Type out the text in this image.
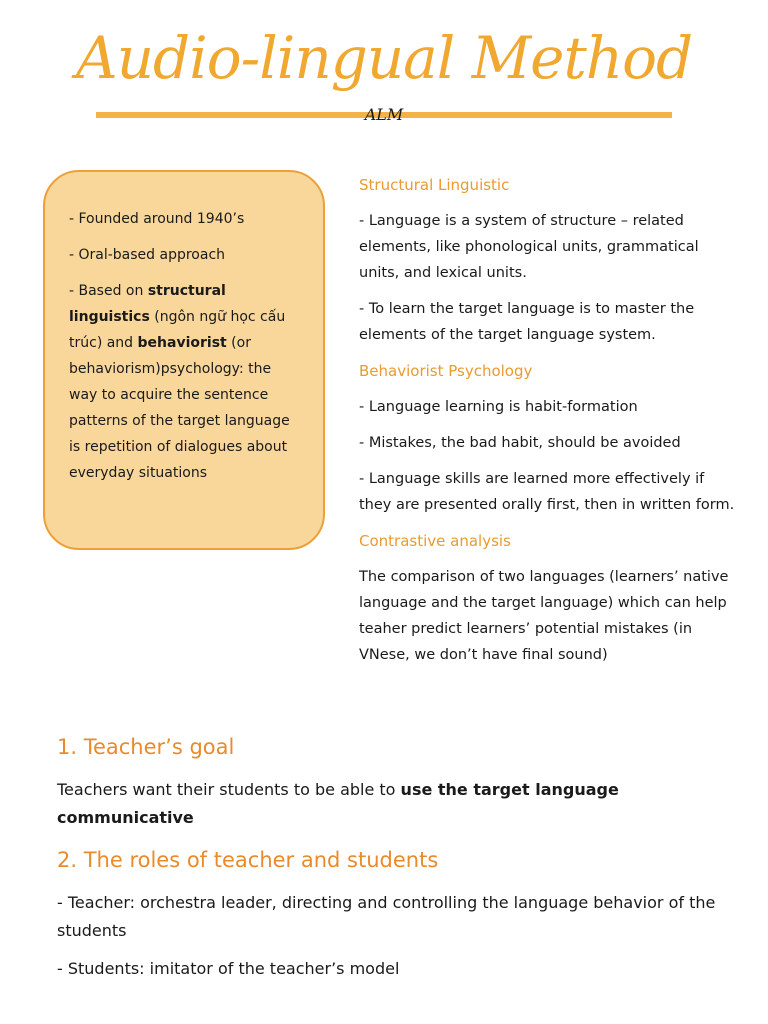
Audio-lingual Method
ALM

- Founded around 1940’s

- Oral-based approach

- Based on structural linguistics (ngôn ngữ học cấu trúc) and behaviorist (or behaviorism)psychology: the way to acquire the sentence patterns of the target language is repetition of dialogues about everyday situations

Structural Linguistic

- Language is a system of structure – related elements, like phonological units, grammatical units, and lexical units.

- To learn the target language is to master the elements of the target language system.

Behaviorist Psychology

- Language learning is habit-formation

- Mistakes, the bad habit, should be avoided

- Language skills are learned more effectively if they are presented orally first, then in written form.

Contrastive analysis

The comparison of two languages (learners’ native language and the target language) which can help teaher predict learners’ potential mistakes (in VNese, we don’t have final sound)

1. Teacher’s goal

Teachers want their students to be able to use the target language communicative

2. The roles of teacher and students

- Teacher: orchestra leader, directing and controlling the language behavior of the students

- Students: imitator of the teacher’s model
